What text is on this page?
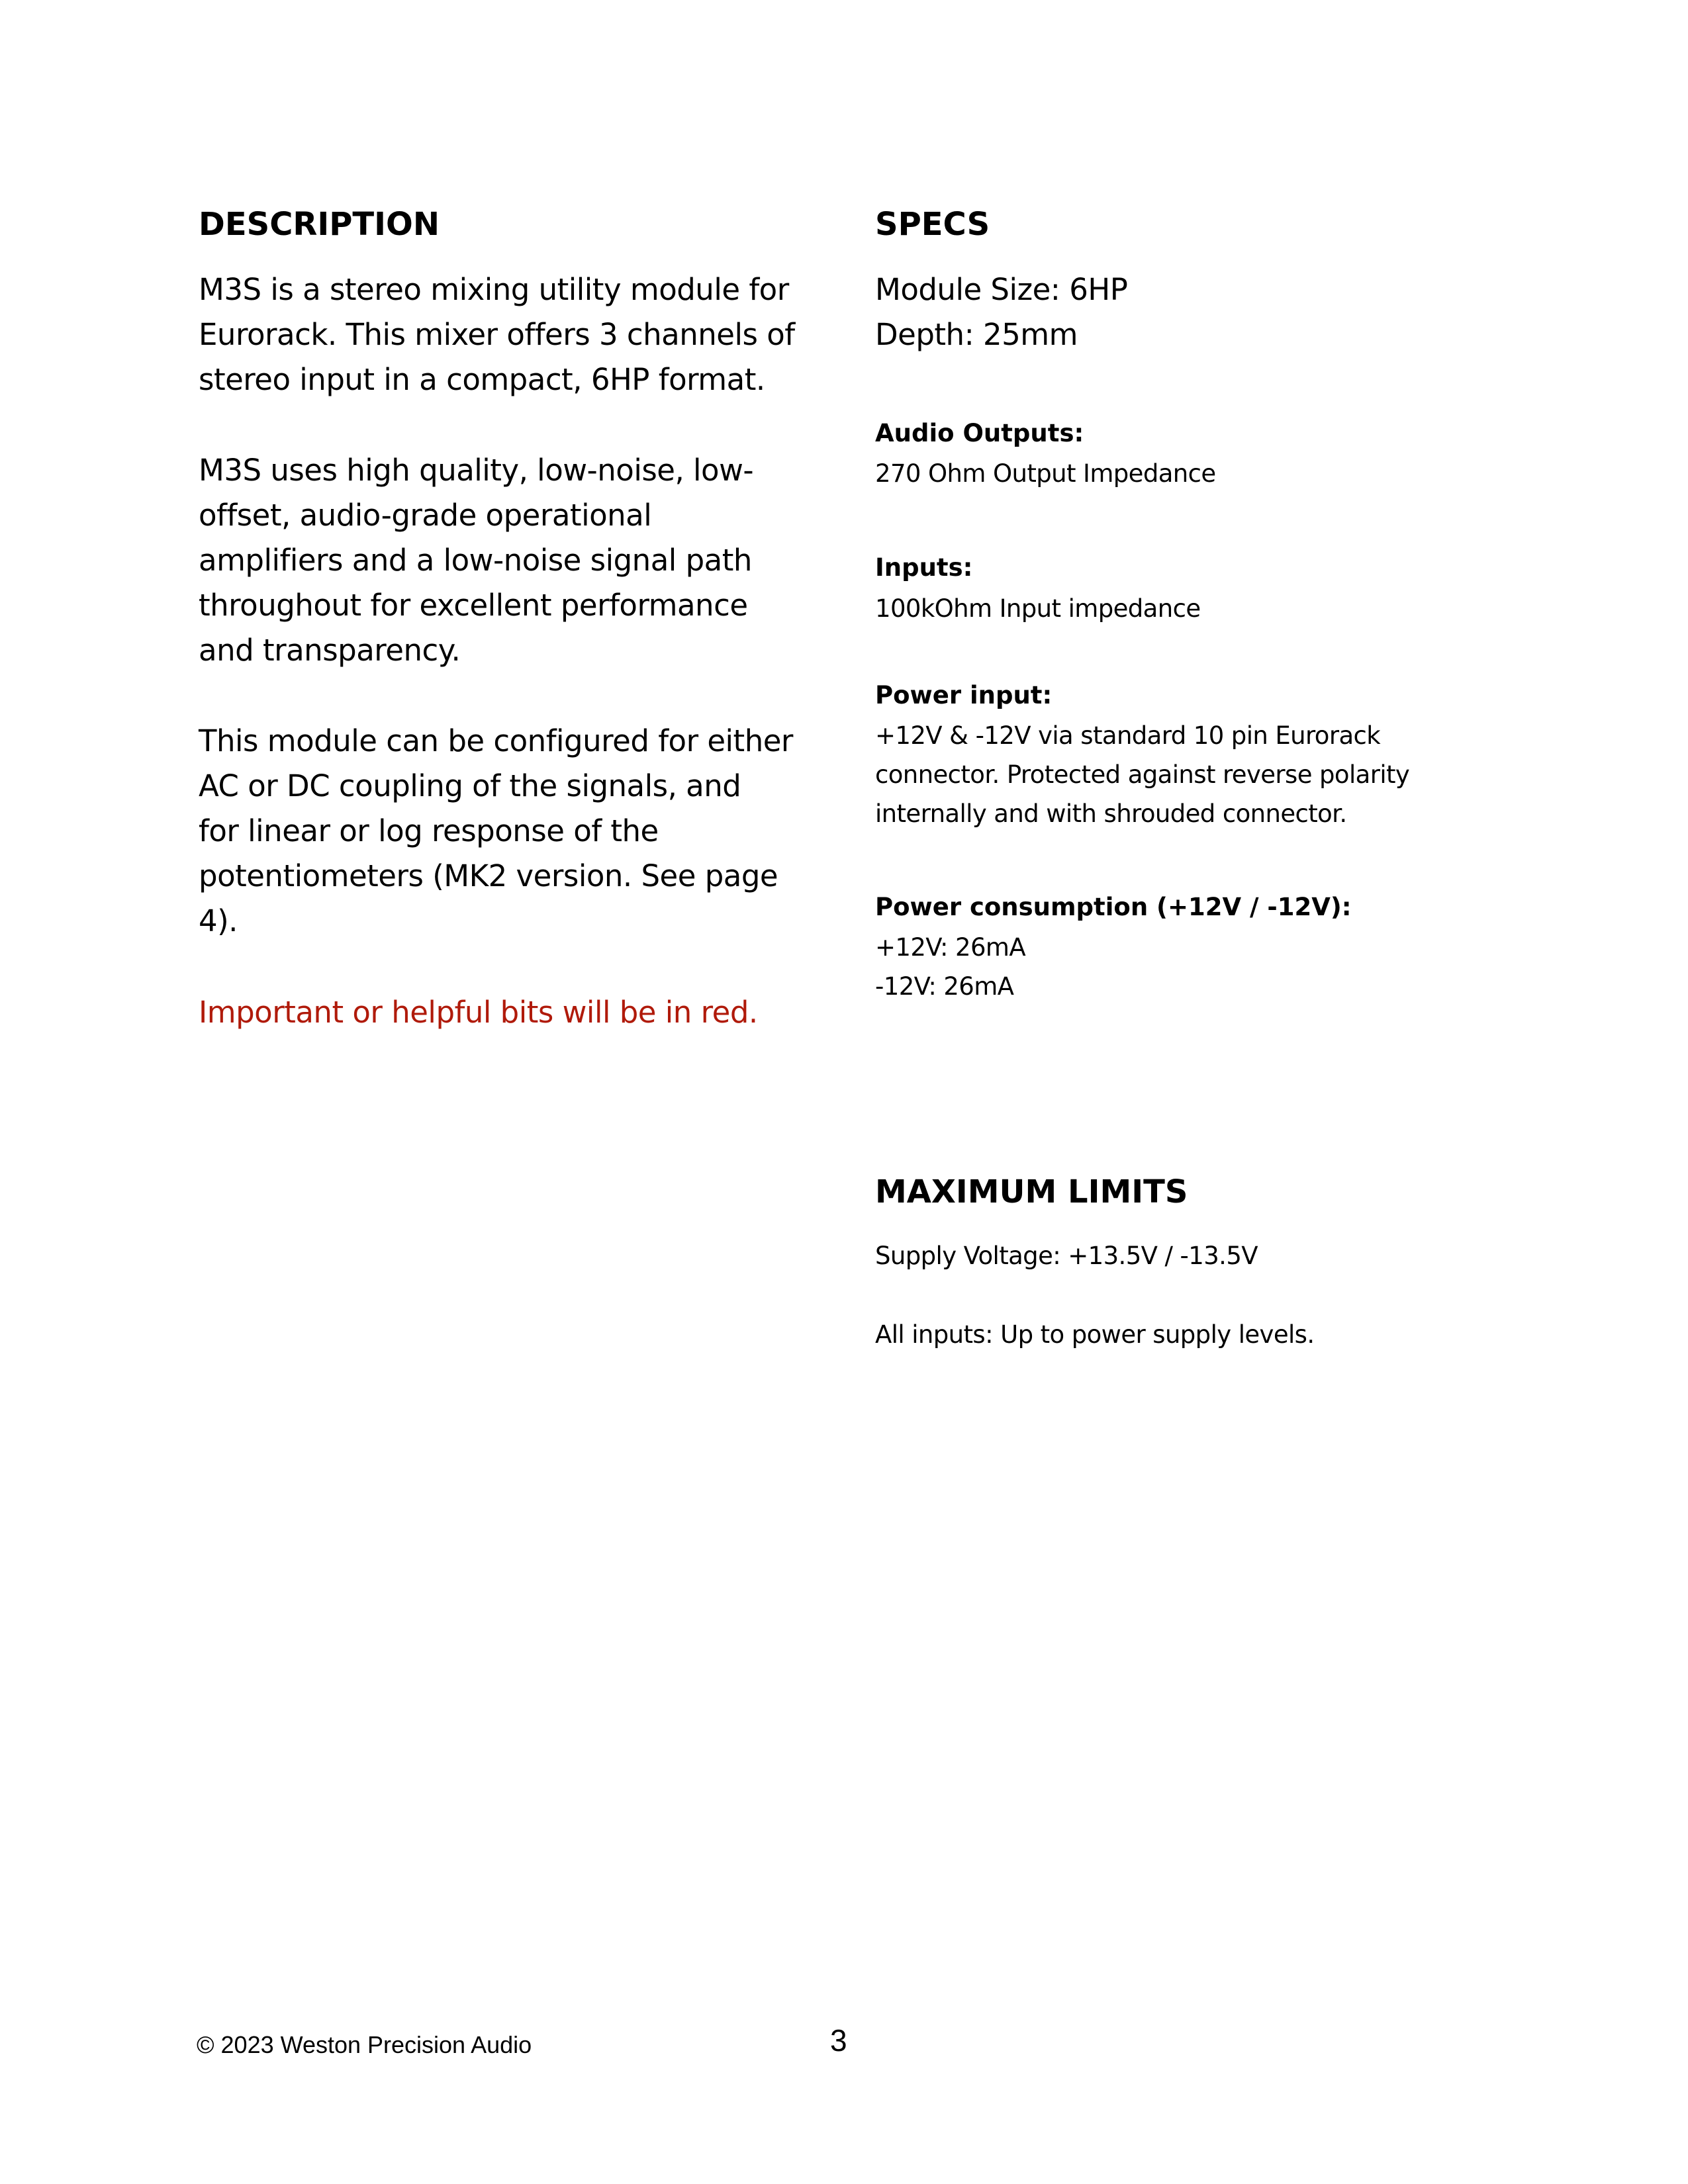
DESCRIPTION
M3S is a stereo mixing utility module for
Eurorack. This mixer offers 3 channels of
stereo input in a compact, 6HP format.
M3S uses high quality, low-noise, low-
offset, audio-grade operational
amplifiers and a low-noise signal path
throughout for excellent performance
and transparency.
This module can be configured for either
AC or DC coupling of the signals, and
for linear or log response of the
potentiometers (MK2 version. See page
4).
Important or helpful bits will be in red.
SPECS
Module Size: 6HP
Depth: 25mm
Audio Outputs:
270 Ohm Output Impedance
Inputs:
100kOhm Input impedance
Power input:
+12V & -12V via standard 10 pin Eurorack
connector. Protected against reverse polarity
internally and with shrouded connector.
Power consumption (+12V / -12V):
+12V: 26mA
-12V: 26mA
MAXIMUM LIMITS
Supply Voltage: +13.5V / -13.5V
All inputs: Up to power supply levels.
© 2023 Weston Precision Audio	3
